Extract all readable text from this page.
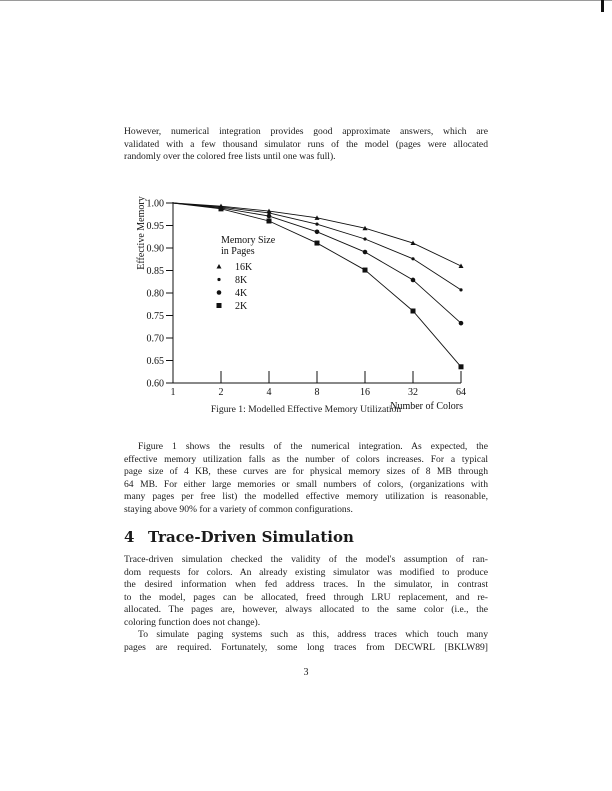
However, numerical integration provides good approximate answers, which are
validated with a few thousand simulator runs of the model (pages were allocated
randomly over the colored free lists until one was full).
1.00
0.95
0.90
0.85
0.80
0.75
0.70
0.65
0.60
1	2	4	8	16	32	64
Number of Colors
Effective Memory	Memory Size
in Pages
16K
8K
4K
2K
Figure 1: Modelled Effective Memory Utilization
Figure 1 shows the results of the numerical integration. As expected, the
effective memory utilization falls as the number of colors increases. For a typical
page size of 4 KB, these curves are for physical memory sizes of 8 MB through
64 MB. For either large memories or small numbers of colors, (organizations with
many pages per free list) the modelled effective memory utilization is reasonable,
staying above 90% for a variety of common configurations.
4 Trace-Driven Simulation
Trace-driven simulation checked the validity of the model's assumption of ran-
dom requests for colors. An already existing simulator was modified to produce
the desired information when fed address traces. In the simulator, in contrast
to the model, pages can be allocated, freed through LRU replacement, and re-
allocated. The pages are, however, always allocated to the same color (i.e., the
coloring function does not change).
To simulate paging systems such as this, address traces which touch many
pages are required. Fortunately, some long traces from DECWRL [BKLW89]
3
